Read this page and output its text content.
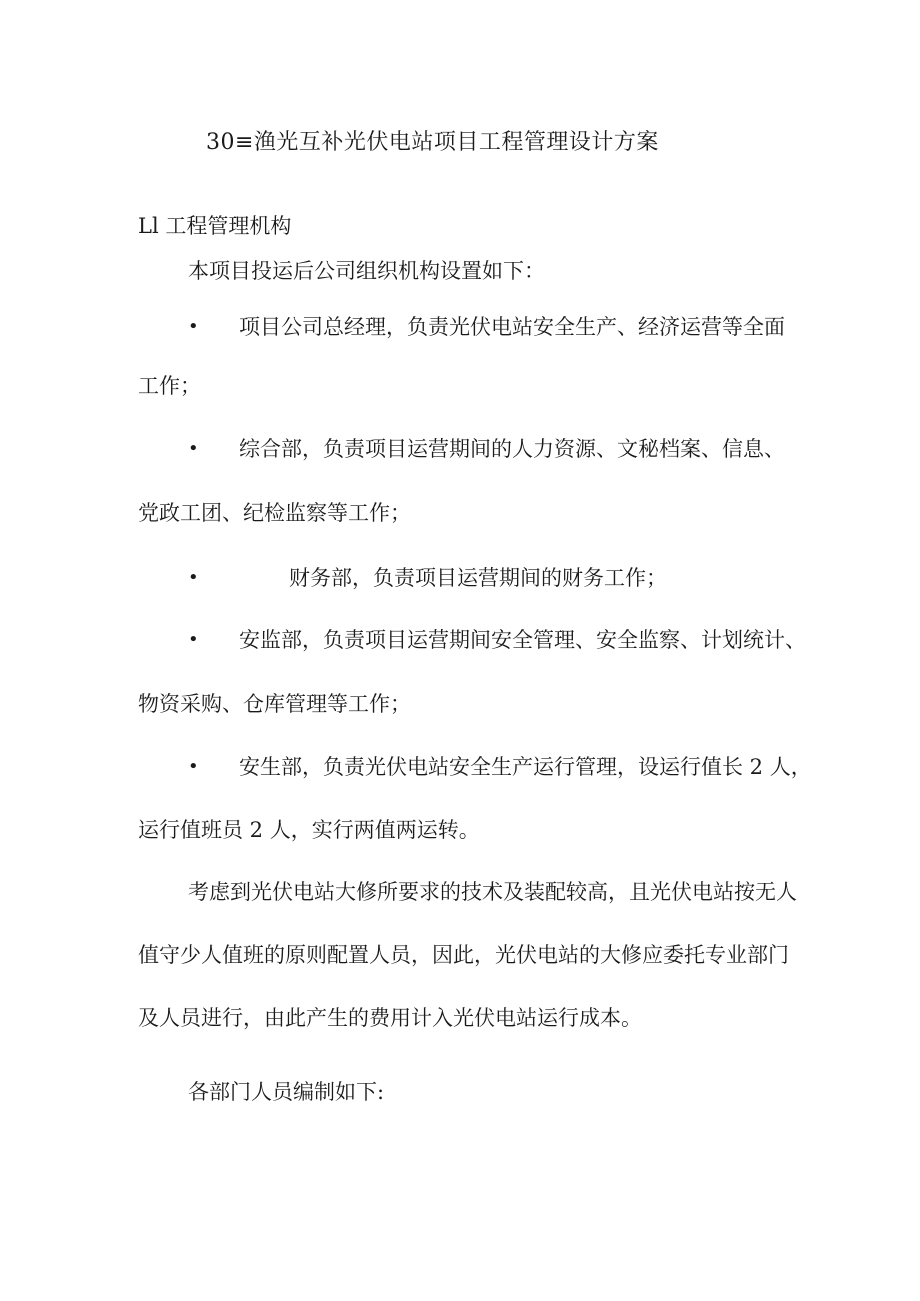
30≡渔光互补光伏电站项目工程管理设计方案
Ll 工程管理机构
本项目投运后公司组织机构设置如下：
• 项目公司总经理，负责光伏电站安全生产、经济运营等全面
工作；
• 综合部，负责项目运营期间的人力资源、文秘档案、信息、
党政工团、纪检监察等工作；
•	财务部，负责项目运营期间的财务工作；
• 安监部，负责项目运营期间安全管理、安全监察、计划统计、
物资采购、仓库管理等工作；
• 安生部，负责光伏电站安全生产运行管理，设运行值长 2 人，
运行值班员 2 人，实行两值两运转。
考虑到光伏电站大修所要求的技术及装配较高，且光伏电站按无人
值守少人值班的原则配置人员，因此，光伏电站的大修应委托专业部门
及人员进行，由此产生的费用计入光伏电站运行成本。
各部门人员编制如下:
